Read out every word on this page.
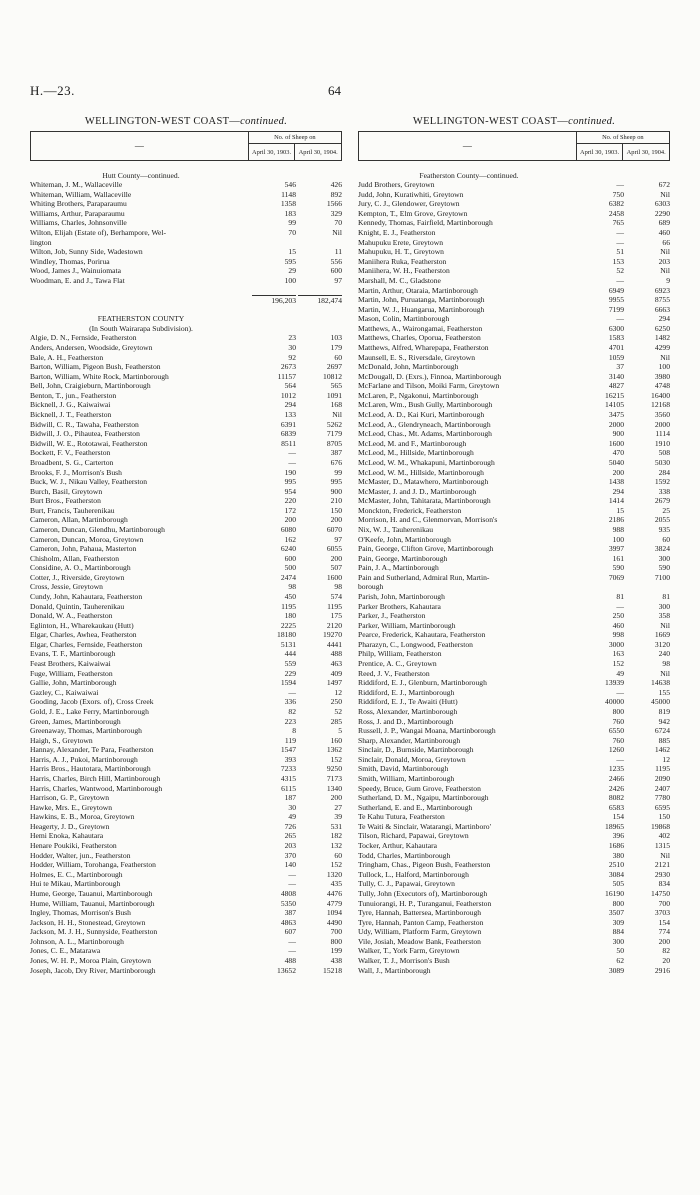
H.—23.	64
WELLINGTON-WEST COAST—continued.
—	No. of Sheep on	
	April 30, 1903.	April 30, 1904.
Hutt County—continued.
Whiteman, J. M., Wallaceville	546	426
Whiteman, William, Wallaceville	1148	892
Whiting Brothers, Paraparaumu	1358	1566
Williams, Arthur, Paraparaumu	183	329
Williams, Charles, Johnsonville	99	70
Wilton, Elijah (Estate of), Berhampore, Wel-	70	Nil
lington
Wilton, Job, Sunny Side, Wadestown	15	11
Windley, Thomas, Porirua	595	556
Wood, James J., Wainuiomata	29	600
Woodman, E. and J., Tawa Flat	100	97
196,203	182,474
FEATHERSTON COUNTY
(In South Wairarapa Subdivision).
Algie, D. N., Fernside, Featherston	23	103
Anders, Andersen, Woodside, Greytown	30	179
Bale, A. H., Featherston	92	60
Barton, William, Pigeon Bush, Featherston	2673	2697
Barton, William, White Rock, Martinborough	11157	10812
Bell, John, Craigieburn, Martinborough	564	565
Benton, T., jun., Featherston	1012	1091
Bicknell, J. G., Kaiwaiwai	294	168
Bicknell, J. T., Featherston	133	Nil
Bidwill, C. R., Tawaha, Featherston	6391	5262
Bidwill, J. O., Pihautea, Featherston	6839	7179
Bidwill, W. E., Rototawai, Featherston	8511	8705
Bockett, F. V., Featherston	—	387
Broadbent, S. G., Carterton	—	676
Brooks, F. J., Morrison's Bush	190	99
Buck, W. J., Nikau Valley, Featherston	995	995
Burch, Basil, Greytown	954	900
Burt Bros., Featherston	220	210
Burt, Francis, Tauherenikau	172	150
Cameron, Allan, Martinborough	200	200
Cameron, Duncan, Glendhu, Martinborough	6080	6070
Cameron, Duncan, Moroa, Greytown	162	97
Cameron, John, Pahaua, Masterton	6240	6055
Chisholm, Allan, Featherston	600	200
Considine, A. O., Martinborough	500	507
Cotter, J., Riverside, Greytown	2474	1600
Cross, Jessie, Greytown	98	98
Cundy, John, Kahautara, Featherston	450	574
Donald, Quintin, Tauherenikau	1195	1195
Donald, W. A., Featherston	180	175
Eglinton, H., Wharekaukau (Hutt)	2225	2120
Elgar, Charles, Awhea, Featherston	18180	19270
Elgar, Charles, Fernside, Featherston	5131	4441
Evans, T. F., Martinborough	444	488
Feast Brothers, Kaiwaiwai	559	463
Fuge, William, Featherston	229	409
Gallie, John, Martinborough	1594	1497
Gazley, C., Kaiwaiwai	—	12
Gooding, Jacob (Exors. of), Cross Creek	336	250
Gold, J. E., Lake Ferry, Martinborough	82	52
Green, James, Martinborough	223	285
Greenaway, Thomas, Martinborough	8	5
Haigh, S., Greytown	119	160
Hannay, Alexander, Te Para, Featherston	1547	1362
Harris, A. J., Pukoi, Martinborough	393	152
Harris Bros., Hautotara, Martinborough	7233	9250
Harris, Charles, Birch Hill, Martinborough	4315	7173
Harris, Charles, Wantwood, Martinborough	6115	1340
Harrison, G. P., Greytown	187	200
Hawke, Mrs. E., Greytown	30	27
Hawkins, E. B., Moroa, Greytown	49	39
Heagerty, J. D., Greytown	726	531
Hemi Enoka, Kahautara	265	182
Henare Poukiki, Featherston	203	132
Hodder, Walter, jun., Featherston	370	60
Hodder, William, Torohanga, Featherston	140	152
Holmes, E. C., Martinborough	—	1320
Hui te Mikau, Martinborough	—	435
Hume, George, Tauanui, Martinborough	4808	4476
Hume, William, Tauanui, Martinborough	5350	4779
Ingley, Thomas, Morrison's Bush	387	1094
Jackson, H. H., Stonestead, Greytown	4863	4490
Jackson, M. J. H., Sunnyside, Featherston	607	700
Johnson, A. L., Martinborough	—	800
Jones, C. E., Matarawa	—	199
Jones, W. H. P., Moroa Plain, Greytown	488	438
Joseph, Jacob, Dry River, Martinborough	13652	15218
WELLINGTON-WEST COAST—continued.
—	No. of Sheep on	
	April 30, 1903.	April 30, 1904.
Featherston County—continued.
Judd Brothers, Greytown	—	672
Judd, John, Kuratiwhiti, Greytown	750	Nil
Jury, C. J., Glendower, Greytown	6382	6303
Kempton, T., Elm Grove, Greytown	2458	2290
Kennedy, Thomas, Fairfield, Martinborough	765	689
Knight, E. J., Featherston	—	460
Mahupuku Erete, Greytown	—	66
Mahupuku, H. T., Greytown	51	Nil
Maniihera Ruka, Featherston	153	203
Maniihera, W. H., Featherston	52	Nil
Marshall, M. C., Gladstone	—	9
Martin, Arthur, Otaraia, Martinborough	6949	6923
Martin, John, Puruatanga, Martinborough	9955	8755
Martin, W. J., Huangarua, Martinborough	7199	6663
Mason, Colin, Martinborough	—	294
Matthews, A., Wairongamai, Featherston	6300	6250
Matthews, Charles, Oporua, Featherston	1583	1482
Matthews, Alfred, Wharepapa, Featherston	4701	4299
Maunsell, E. S., Riversdale, Greytown	1059	Nil
McDonald, John, Martinborough	37	100
McDougall, D. (Exrs.), Finnoa, Martinborough	3140	3980
McFarlane and Tilson, Moiki Farm, Greytown	4827	4748
McLaren, P., Ngakonui, Martinborough	16215	16400
McLaren, Wm., Bush Gully, Martinborough	14105	12168
McLeod, A. D., Kai Kuri, Martinborough	3475	3560
McLeod, A., Glendryneach, Martinborough	2000	2000
McLeod, Chas., Mt. Adams, Martinborough	900	1114
McLeod, M. and F., Martinborough	1600	1910
McLeod, M., Hillside, Martinborough	470	508
McLeod, W. M., Whakapuni, Martinborough	5040	5030
McLeod, W. M., Hillside, Martinborough	200	284
McMaster, D., Matawhero, Martinborough	1438	1592
McMaster, J. and J. D., Martinborough	294	338
McMaster, John, Tahitarata, Martinborough	1414	2679
Monckton, Frederick, Featherston	15	25
Morrison, H. and C., Glenmorvan, Morrison's	2186	2055
Nix, W. J., Tauherenikau	988	935
O'Keefe, John, Martinborough	100	60
Pain, George, Clifton Grove, Martinborough	3997	3824
Pain, George, Martinborough	161	300
Pain, J. A., Martinborough	590	590
Pain and Sutherland, Admiral Run, Martin-	7069	7100
borough
Parish, John, Martinborough	81	81
Parker Brothers, Kahautara	—	300
Parker, J., Featherston	250	358
Parker, William, Martinborough	460	Nil
Pearce, Frederick, Kahautara, Featherston	998	1669
Pharazyn, C., Longwood, Featherston	3000	3120
Philp, William, Featherston	163	240
Prentice, A. C., Greytown	152	98
Reed, J. V., Featherston	49	Nil
Riddiford, E. J., Glenburn, Martinborough	13939	14638
Riddiford, E. J., Martinborough	—	155
Riddiford, E. J., Te Awaiti (Hutt)	40000	45000
Ross, Alexander, Martinborough	800	819
Ross, J. and D., Martinborough	760	942
Russell, J. P., Wangai Moana, Martinborough	6550	6724
Sharp, Alexander, Martinborough	760	885
Sinclair, D., Burnside, Martinborough	1260	1462
Sinclair, Donald, Moroa, Greytown	—	12
Smith, David, Martinborough	1235	1195
Smith, William, Martinborough	2466	2090
Speedy, Bruce, Gum Grove, Featherston	2426	2407
Sutherland, D. M., Ngaipu, Martinborough	8082	7780
Sutherland, E. and E., Martinborough	6583	6595
Te Kahu Tutura, Featherston	154	150
Te Waiti & Sinclair, Watarangi, Martinboro'	18965	19868
Tilson, Richard, Papawai, Greytown	396	402
Tocker, Arthur, Kahautara	1686	1315
Todd, Charles, Martinborough	380	Nil
Tringham, Chas., Pigeon Bush, Featherston	2510	2121
Tullock, L., Halford, Martinborough	3084	2930
Tully, C. J., Papawai, Greytown	505	834
Tully, John (Executors of), Martinborough	16190	14750
Tunuiorangi, H. P., Turanganui, Featherston	800	700
Tyre, Hannah, Battersea, Martinborough	3507	3703
Tyre, Hannah, Panton Camp, Featherston	309	154
Udy, William, Platform Farm, Greytown	884	774
Vile, Josiah, Meadow Bank, Featherston	300	200
Walker, T., York Farm, Greytown	50	82
Walker, T. J., Morrison's Bush	62	20
Wall, J., Martinborough	3089	2916
